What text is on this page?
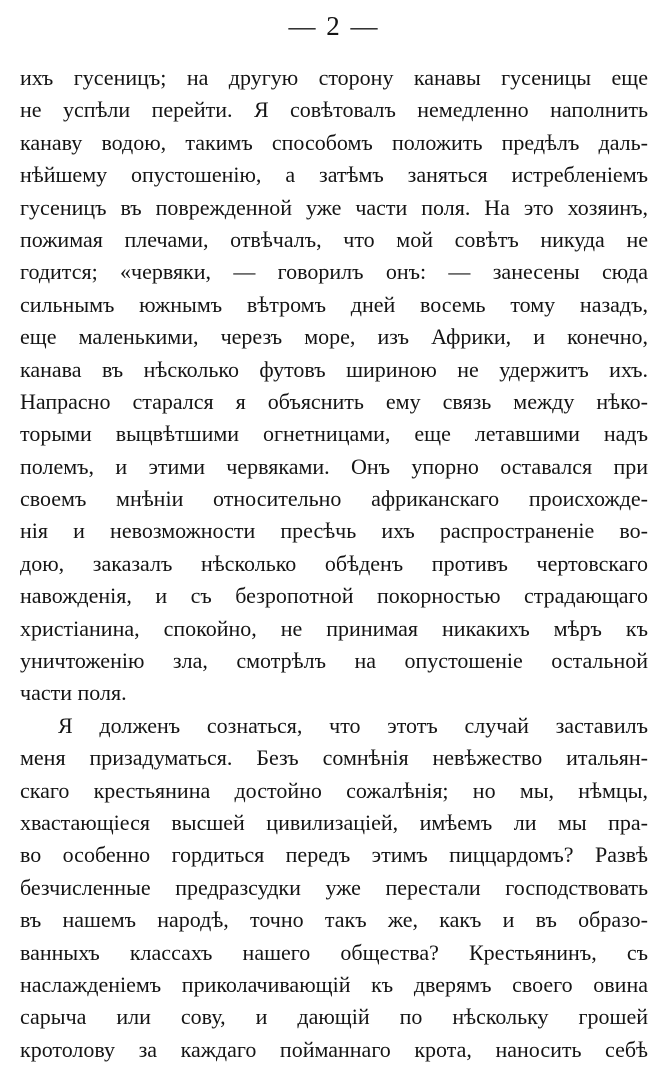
— 2 —
ихъ гусеницъ; на другую сторону канавы гусеницы еще
не успѣли перейти. Я совѣтовалъ немедленно наполнить
канаву водою, такимъ способомъ положить предѣлъ даль-
нѣйшему опустошенію, а затѣмъ заняться истребленіемъ
гусеницъ въ поврежденной уже части поля. На это хозяинъ,
пожимая плечами, отвѣчалъ, что мой совѣтъ никуда не
годится; «червяки, — говорилъ онъ: — занесены сюда
сильнымъ южнымъ вѣтромъ дней восемь тому назадъ,
еще маленькими, черезъ море, изъ Африки, и конечно,
канава въ нѣсколько футовъ шириною не удержитъ ихъ.
Напрасно старался я объяснить ему связь между нѣко-
торыми выцвѣтшими огнетницами, еще летавшими надъ
полемъ, и этими червяками. Онъ упорно оставался при
своемъ мнѣніи относительно африканскаго происхожде-
нія и невозможности пресѣчь ихъ распространеніе во-
дою, заказалъ нѣсколько обѣденъ противъ чертовскаго
навожденія, и съ безропотной покорностью страдающаго
христіанина, спокойно, не принимая никакихъ мѣръ къ
уничтоженію зла, смотрѣлъ на опустошеніе остальной
части поля.
Я долженъ сознаться, что этотъ случай заставилъ
меня призадуматься. Безъ сомнѣнія невѣжество итальян-
скаго крестьянина достойно сожалѣнія; но мы, нѣмцы,
хвастающіеся высшей цивилизаціей, имѣемъ ли мы пра-
во особенно гордиться передъ этимъ пиццардомъ? Развѣ
безчисленные предразсудки уже перестали господствовать
въ нашемъ народѣ, точно такъ же, какъ и въ образо-
ванныхъ классахъ нашего общества? Крестьянинъ, съ
наслажденіемъ приколачивающій къ дверямъ своего овина
сарыча или сову, и дающій по нѣскольку грошей
кротолову за каждаго пойманнаго крота, наносить себѣ
